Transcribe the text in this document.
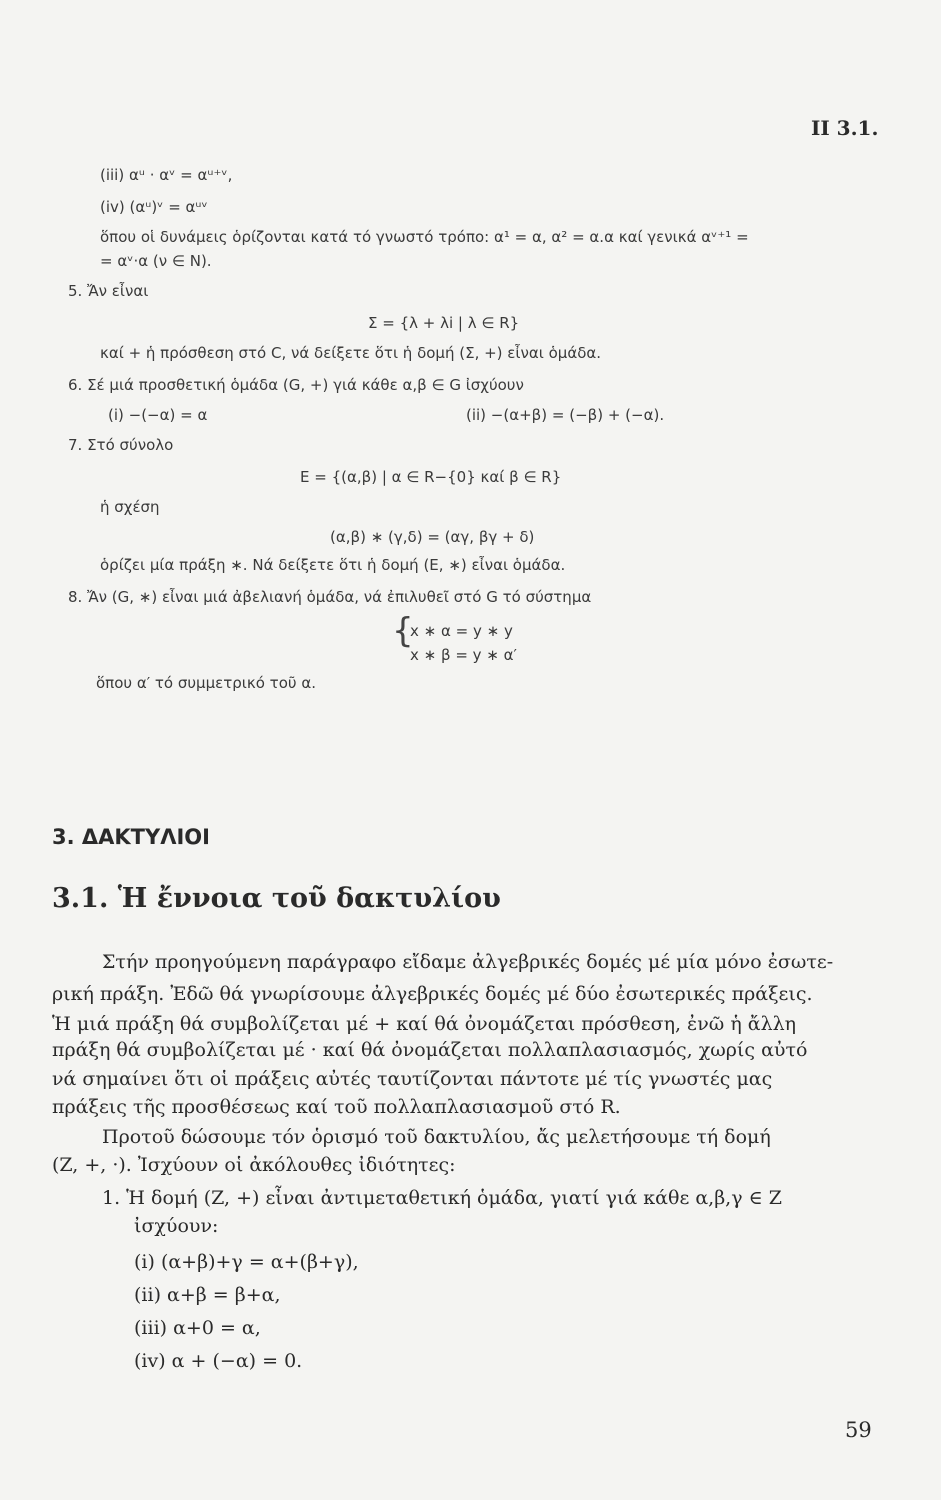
II 3.1.
(iii) αᵘ · αᵛ = αᵘ⁺ᵛ,
(iv) (αᵘ)ᵛ = αᵘᵛ
ὅπου οἱ δυνάμεις ὁρίζονται κατά τό γνωστό τρόπο: α¹ = α, α² = α.α καί γενικά αᵛ⁺¹ =
= αᵛ·α (ν ∈ N).
5. Ἄν εἶναι
Σ = {λ + λi | λ ∈ R}
καί + ἡ πρόσθεση στό C, νά δείξετε ὅτι ἡ δομή (Σ, +) εἶναι ὁμάδα.
6. Σέ μιά προσθετική ὁμάδα (G, +) γιά κάθε α,β ∈ G ἰσχύουν
(i) −(−α) = α	(ii) −(α+β) = (−β) + (−α).
7. Στό σύνολο
E = {(α,β) | α ∈ R−{0} καί β ∈ R}
ἡ σχέση
(α,β) ∗ (γ,δ) = (αγ, βγ + δ)
ὁρίζει μία πράξη ∗. Νά δείξετε ὅτι ἡ δομή (E, ∗) εἶναι ὁμάδα.
8. Ἄν (G, ∗) εἶναι μιά ἀβελιανή ὁμάδα, νά ἐπιλυθεῖ στό G τό σύστημα
{
x ∗ α = y ∗ y
x ∗ β = y ∗ α′
ὅπου α′ τό συμμετρικό τοῦ α.
3. ΔΑΚΤΥΛΙΟΙ
3.1. Ἡ ἔννοια τοῦ δακτυλίου
Στήν προηγούμενη παράγραφο εἴδαμε ἀλγεβρικές δομές μέ μία μόνο ἐσωτε-
ρική πράξη. Ἐδῶ θά γνωρίσουμε ἀλγεβρικές δομές μέ δύο ἐσωτερικές πράξεις.
Ἡ μιά πράξη θά συμβολίζεται μέ + καί θά ὀνομάζεται πρόσθεση, ἐνῶ ἡ ἄλλη
πράξη θά συμβολίζεται μέ · καί θά ὀνομάζεται πολλαπλασιασμός, χωρίς αὐτό
νά σημαίνει ὅτι οἱ πράξεις αὐτές ταυτίζονται πάντοτε μέ τίς γνωστές μας
πράξεις τῆς προσθέσεως καί τοῦ πολλαπλασιασμοῦ στό R.
Προτοῦ δώσουμε τόν ὁρισμό τοῦ δακτυλίου, ἄς μελετήσουμε τή δομή
(Z, +, ·). Ἰσχύουν οἱ ἀκόλουθες ἰδιότητες:
1. Ἡ δομή (Z, +) εἶναι ἀντιμεταθετική ὁμάδα, γιατί γιά κάθε α,β,γ ∈ Z
ἰσχύουν:
(i) (α+β)+γ = α+(β+γ),
(ii) α+β = β+α,
(iii) α+0 = α,
(iv) α + (−α) = 0.
59
